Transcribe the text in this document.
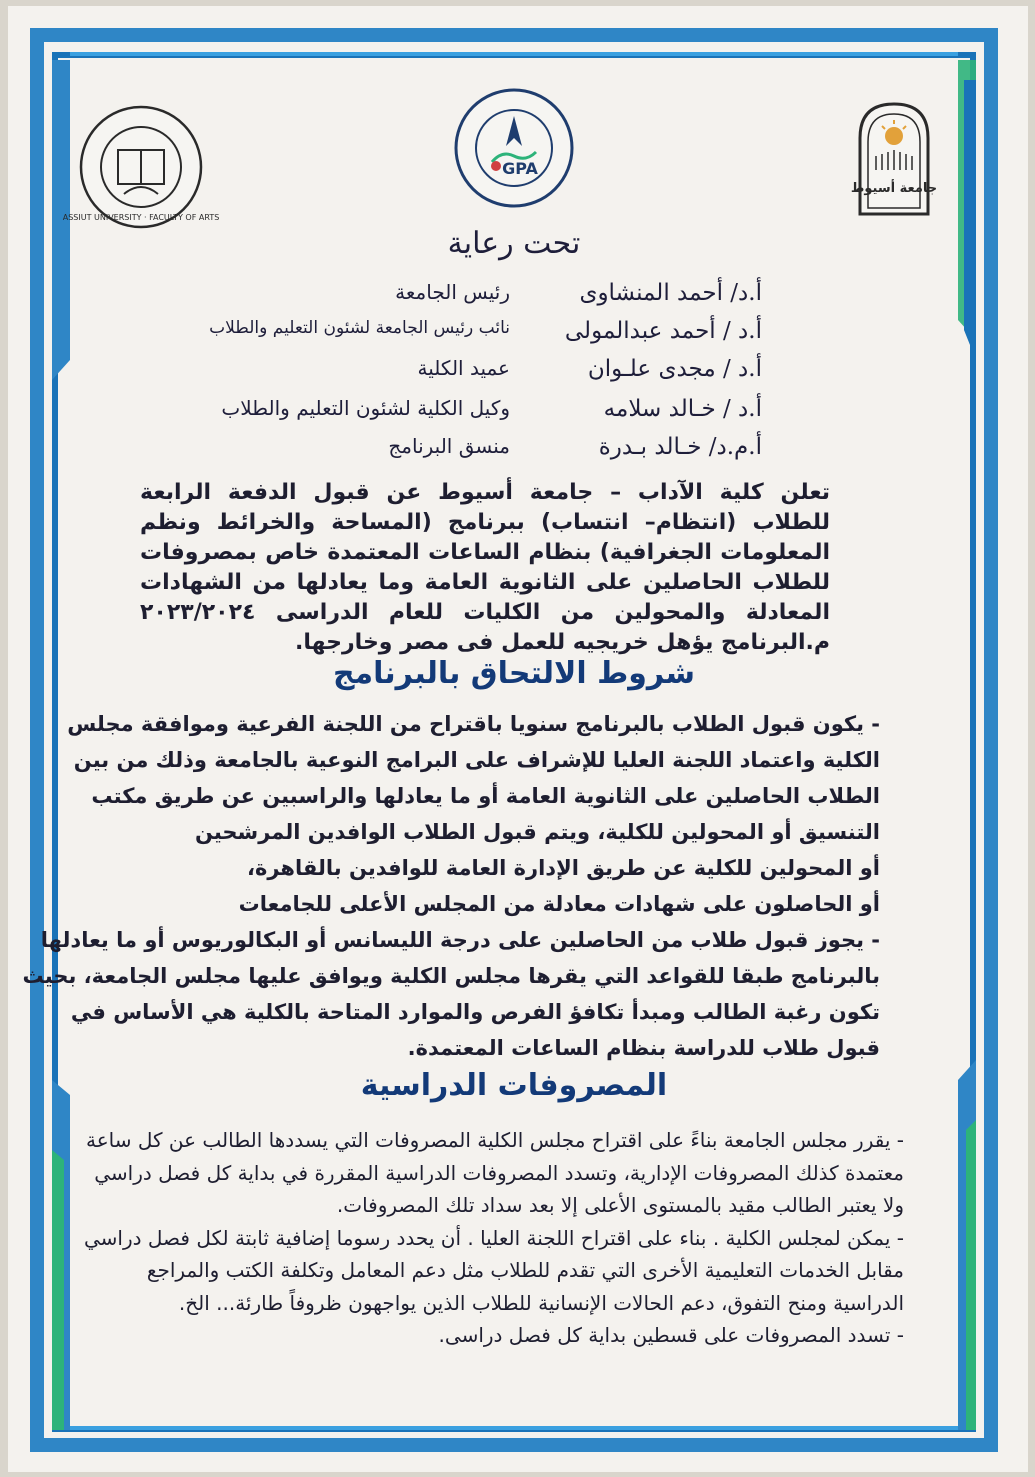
ASSIUT UNIVERSITY · FACULTY OF ARTS
GPA
جامعة أسيوط
تحت رعاية
أ.د/ أحمد المنشاوى
رئيس الجامعة
أ.د / أحمد عبدالمولى
نائب رئيس الجامعة لشئون التعليم والطلاب
أ.د / مجدى علـوان
عميد الكلية
أ.د / خـالد سلامه
وكيل الكلية لشئون التعليم والطلاب
أ.م.د/ خـالد بـدرة
منسق البرنامج
تعلن كلية الآداب – جامعة أسيوط عن قبول الدفعة الرابعة للطلاب (انتظام– انتساب) ببرنامج (المساحة والخرائط ونظم المعلومات الجغرافية) بنظام الساعات المعتمدة خاص بمصروفات للطلاب الحاصلين على الثانوية العامة وما يعادلها من الشهادات المعادلة والمحولين من الكليات للعام الدراسى ٢٠٢٣/٢٠٢٤ م.البرنامج يؤهل خريجيه للعمل فى مصر وخارجها.
شروط الالتحاق بالبرنامج
- يكون قبول الطلاب بالبرنامج سنويا باقتراح من اللجنة الفرعية وموافقة مجلس
الكلية واعتماد اللجنة العليا للإشراف على البرامج النوعية بالجامعة وذلك من بين
الطلاب الحاصلين على الثانوية العامة أو ما يعادلها والراسبين عن طريق مكتب
التنسيق أو المحولين للكلية، ويتم قبول الطلاب الوافدين المرشحين
أو المحولين للكلية عن طريق الإدارة العامة للوافدين بالقاهرة،
أو الحاصلون على شهادات معادلة من المجلس الأعلى للجامعات
- يجوز قبول طلاب من الحاصلين على درجة الليسانس أو البكالوريوس أو ما يعادلها
بالبرنامج طبقا للقواعد التي يقرها مجلس الكلية ويوافق عليها مجلس الجامعة، بحيث
تكون رغبة الطالب ومبدأ تكافؤ الفرص والموارد المتاحة بالكلية هي الأساس في
قبول طلاب للدراسة بنظام الساعات المعتمدة.
المصروفات الدراسية
- يقرر مجلس الجامعة بناءً على اقتراح مجلس الكلية المصروفات التي يسددها الطالب عن كل ساعة
معتمدة كذلك المصروفات الإدارية، وتسدد المصروفات الدراسية المقررة في بداية كل فصل دراسي
ولا يعتبر الطالب مقيد بالمستوى الأعلى إلا بعد سداد تلك المصروفات.
- يمكن لمجلس الكلية . بناء على اقتراح اللجنة العليا . أن يحدد رسوما إضافية ثابتة لكل فصل دراسي
مقابل الخدمات التعليمية الأخرى التي تقدم للطلاب مثل دعم المعامل وتكلفة الكتب والمراجع
الدراسية ومنح التفوق، دعم الحالات الإنسانية للطلاب الذين يواجهون ظروفاً طارئة... الخ.
- تسدد المصروفات على قسطين بداية كل فصل دراسى.
